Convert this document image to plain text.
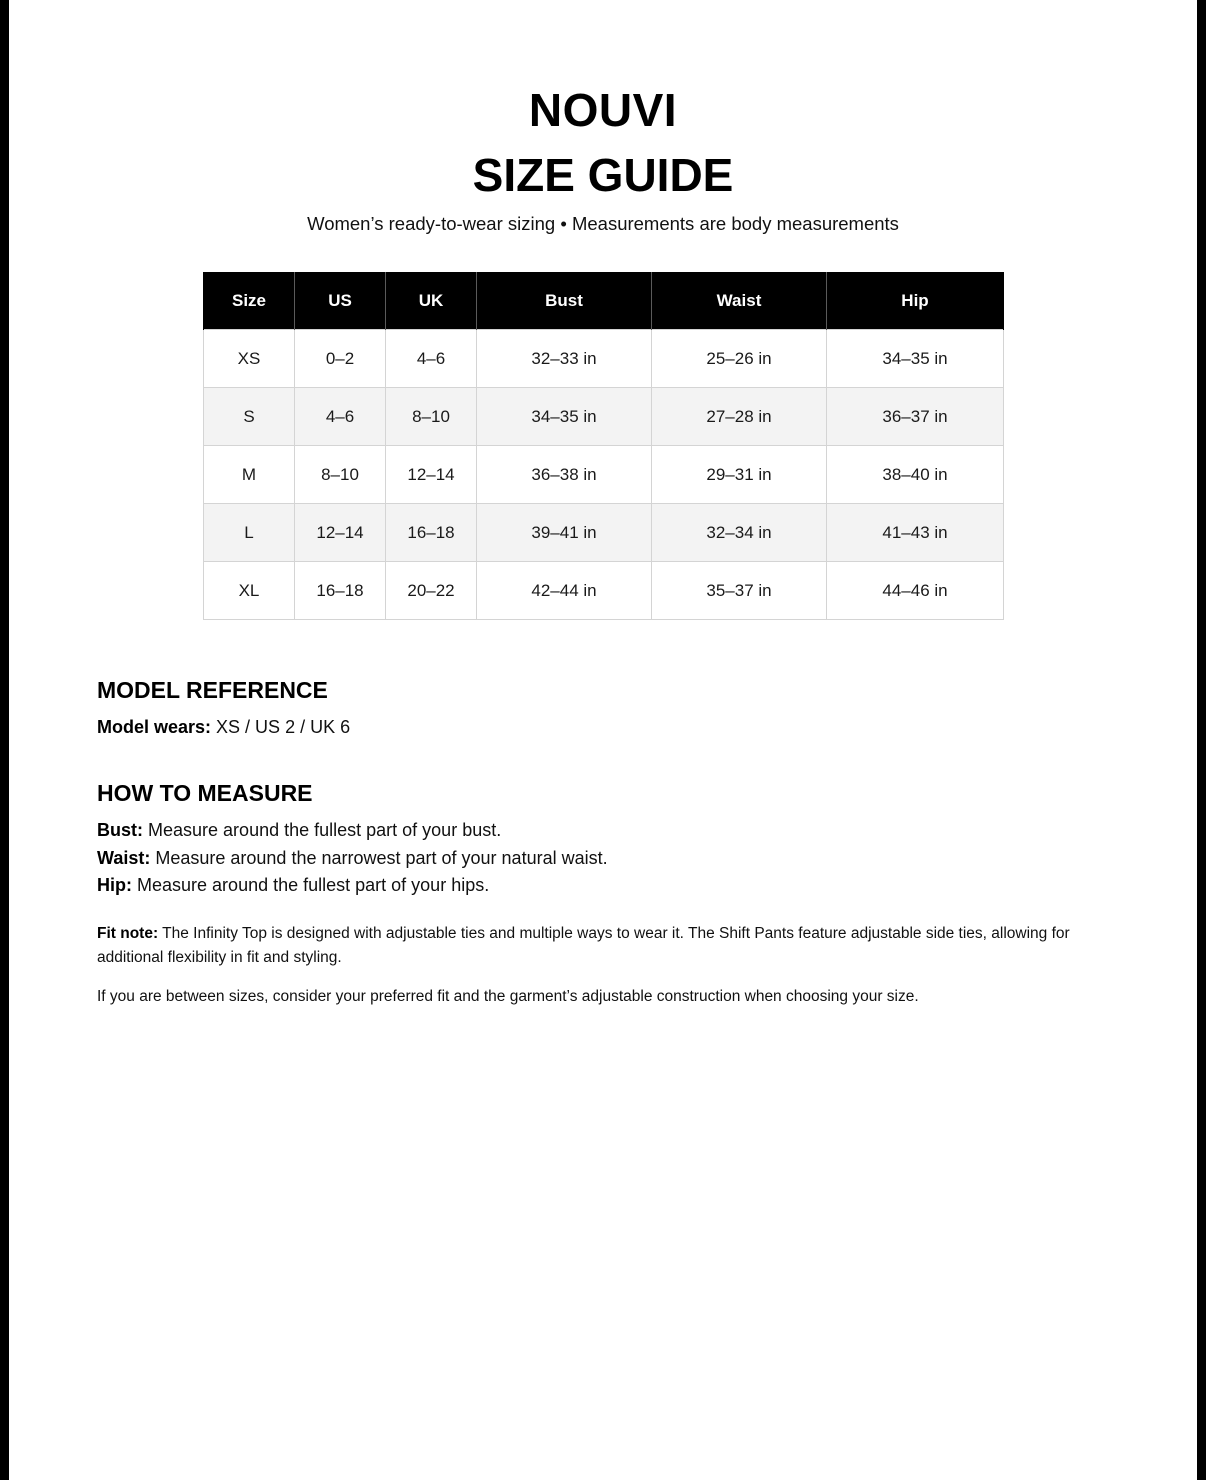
NOUVI
SIZE GUIDE
Women’s ready-to-wear sizing • Measurements are body measurements
Size	US	UK	Bust	Waist	Hip
XS	0–2	4–6	32–33 in	25–26 in	34–35 in
S	4–6	8–10	34–35 in	27–28 in	36–37 in
M	8–10	12–14	36–38 in	29–31 in	38–40 in
L	12–14	16–18	39–41 in	32–34 in	41–43 in
XL	16–18	20–22	42–44 in	35–37 in	44–46 in
MODEL REFERENCE
Model wears: XS / US 2 / UK 6
HOW TO MEASURE
Bust: Measure around the fullest part of your bust.
Waist: Measure around the narrowest part of your natural waist.
Hip: Measure around the fullest part of your hips.
Fit note: The Infinity Top is designed with adjustable ties and multiple ways to wear it. The Shift Pants feature adjustable side ties, allowing for additional flexibility in fit and styling.
If you are between sizes, consider your preferred fit and the garment’s adjustable construction when choosing your size.
